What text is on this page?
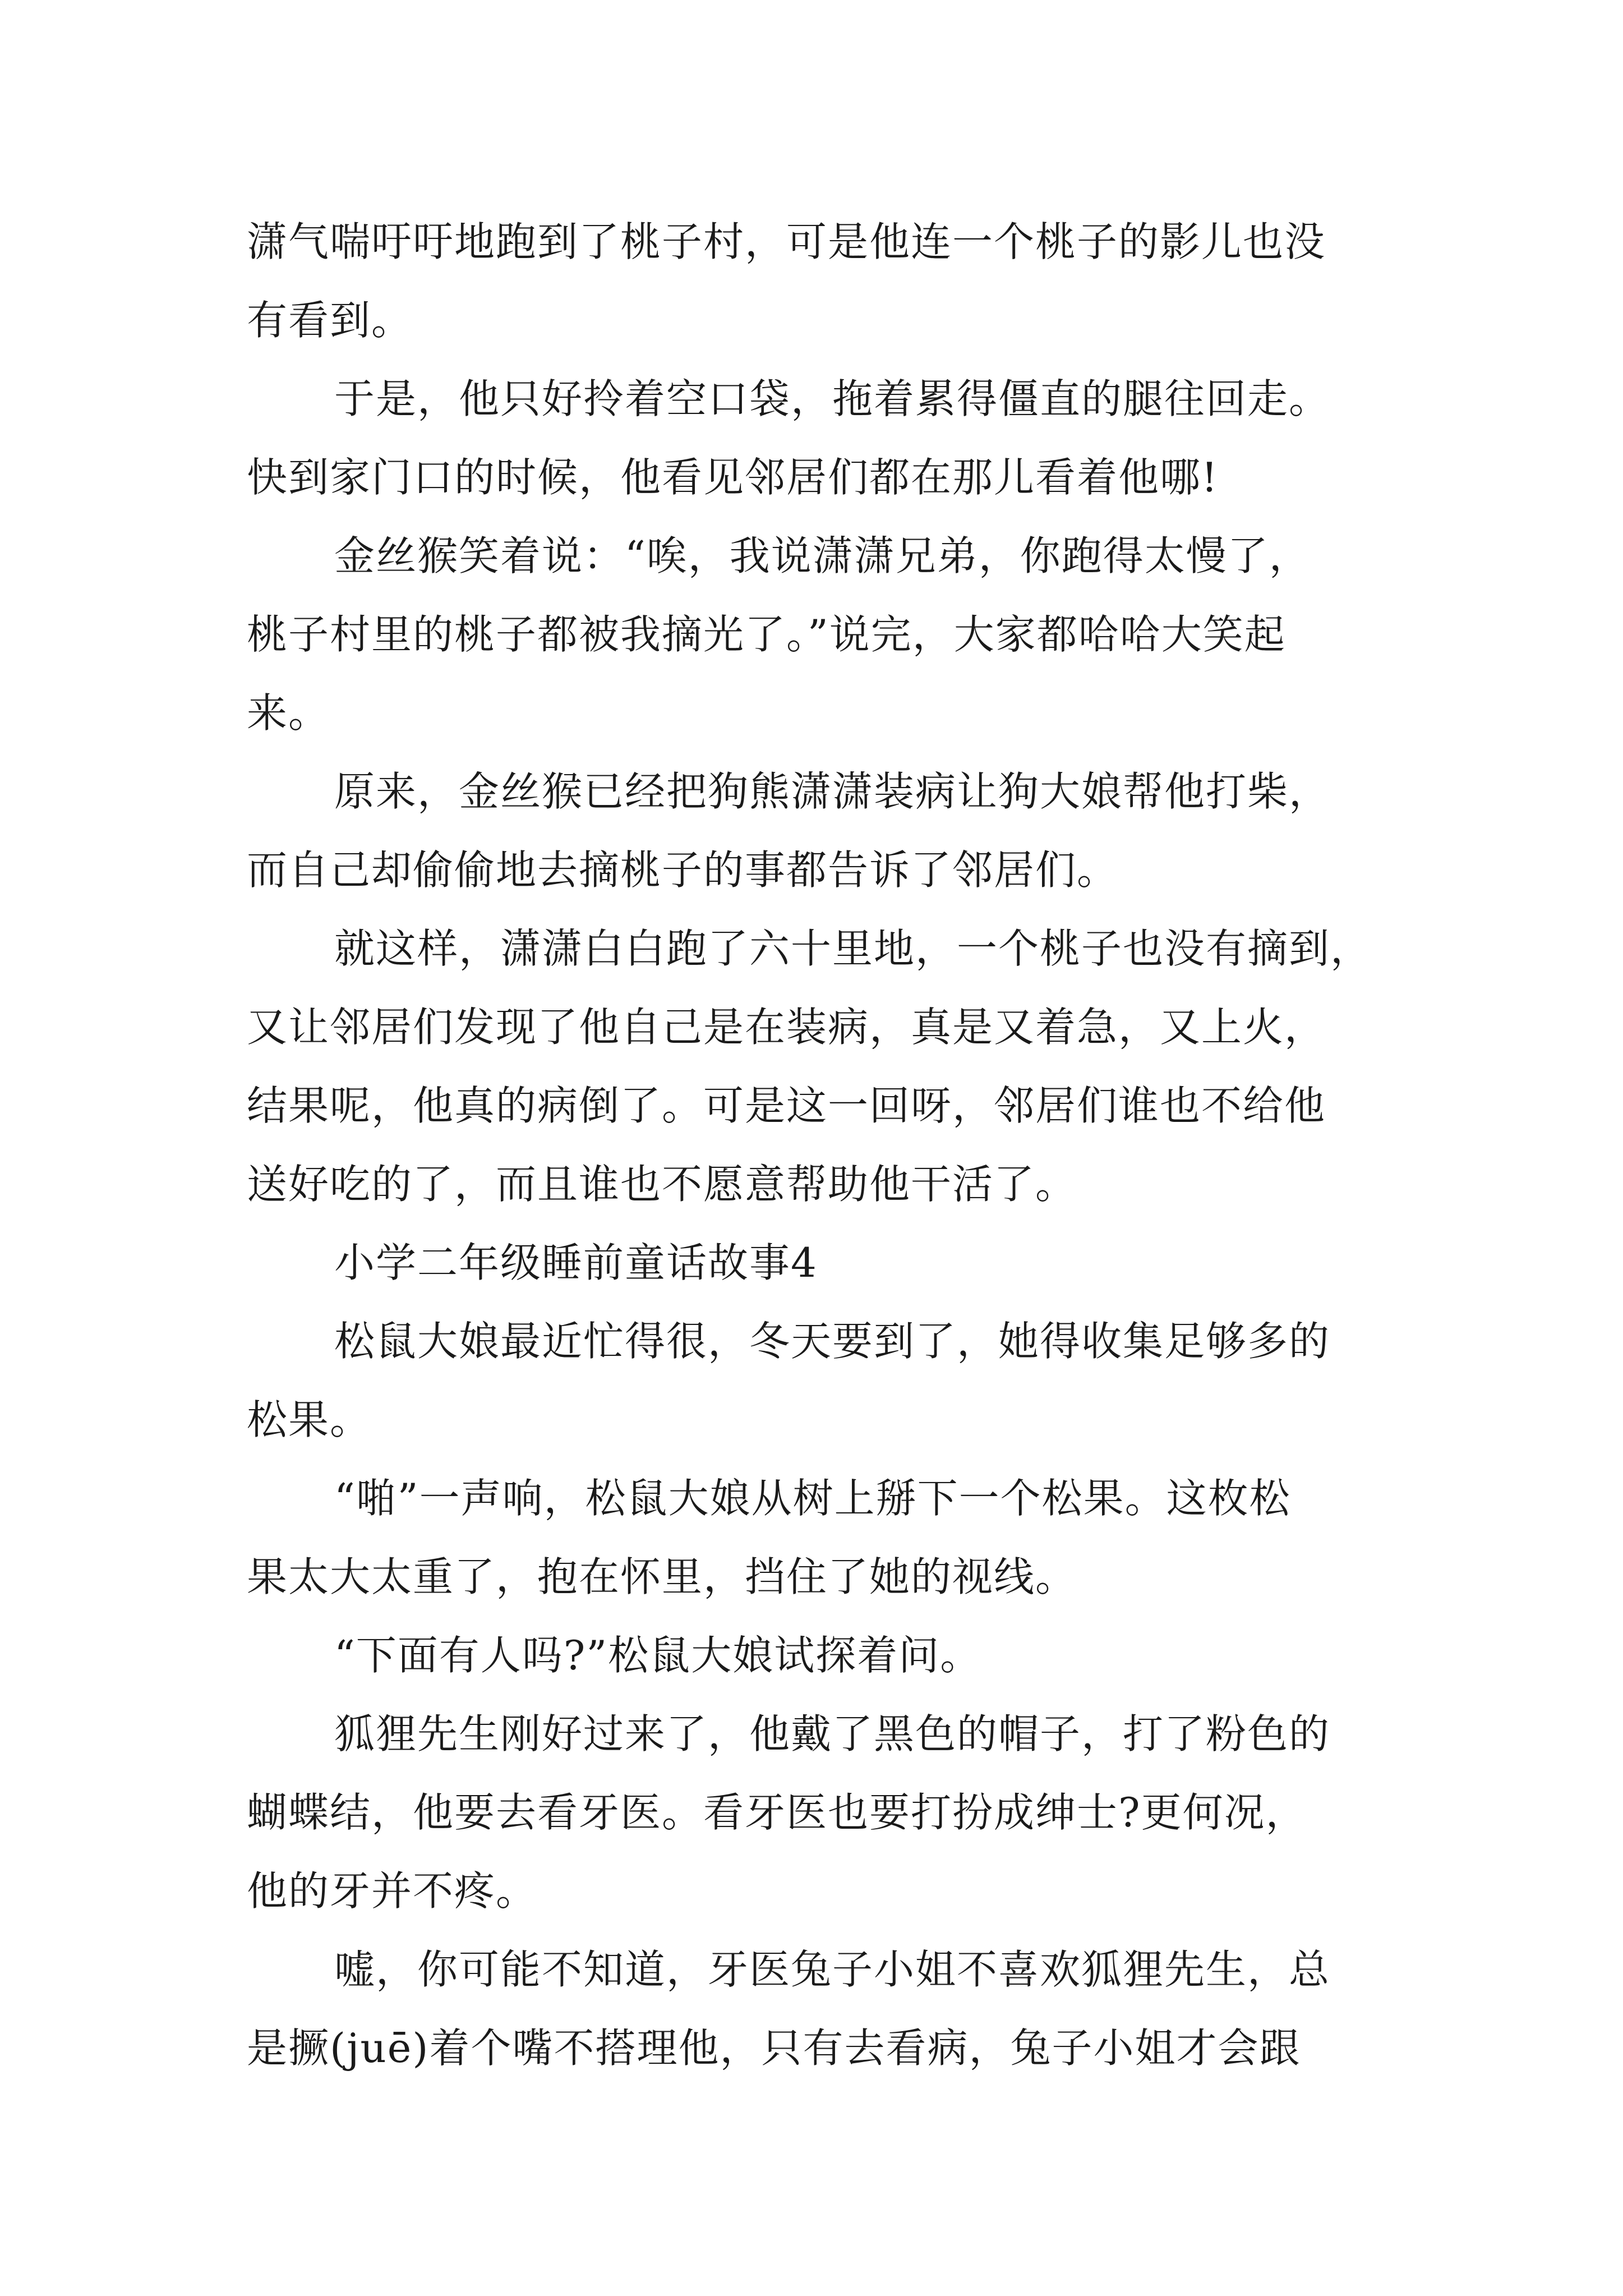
潇气喘吁吁地跑到了桃子村，可是他连一个桃子的影儿也没
有看到。
于是，他只好拎着空口袋，拖着累得僵直的腿往回走。
快到家门口的时候，他看见邻居们都在那儿看着他哪!
金丝猴笑着说：“唉，我说潇潇兄弟，你跑得太慢了，
桃子村里的桃子都被我摘光了。”说完，大家都哈哈大笑起
来。
原来，金丝猴已经把狗熊潇潇装病让狗大娘帮他打柴，
而自己却偷偷地去摘桃子的事都告诉了邻居们。
就这样，潇潇白白跑了六十里地，一个桃子也没有摘到，
又让邻居们发现了他自己是在装病，真是又着急，又上火，
结果呢，他真的病倒了。可是这一回呀，邻居们谁也不给他
送好吃的了，而且谁也不愿意帮助他干活了。
小学二年级睡前童话故事4
松鼠大娘最近忙得很，冬天要到了，她得收集足够多的
松果。
“啪”一声响，松鼠大娘从树上掰下一个松果。这枚松
果太大太重了，抱在怀里，挡住了她的视线。
“下面有人吗?”松鼠大娘试探着问。
狐狸先生刚好过来了，他戴了黑色的帽子，打了粉色的
蝴蝶结，他要去看牙医。看牙医也要打扮成绅士?更何况，
他的牙并不疼。
嘘，你可能不知道，牙医兔子小姐不喜欢狐狸先生，总
是撅(juē)着个嘴不搭理他，只有去看病，兔子小姐才会跟
